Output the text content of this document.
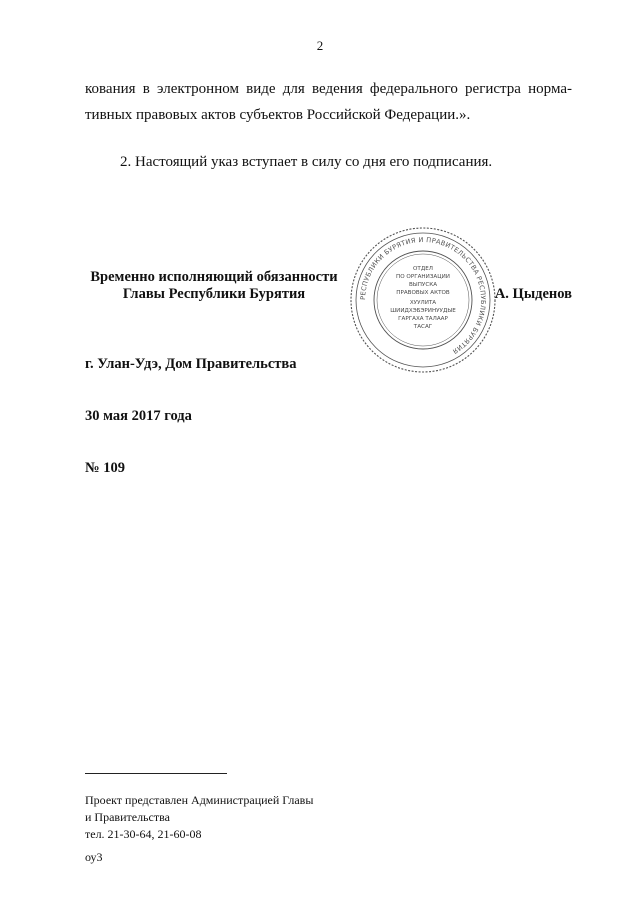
2
кования в электронном виде для ведения федерального регистра норма-
тивных правовых актов субъектов Российской Федерации.».
2. Настоящий указ вступает в силу со дня его подписания.
Временно исполняющий обязанности
Главы Республики Бурятия	РЕСПУБЛИКИ БУРЯТИЯ И ПРАВИТЕЛЬСТВА РЕСПУБЛИКИ БУРЯТИЯ
ОТДЕЛ
ПО ОРГАНИЗАЦИИ
ВЫПУСКА
ПРАВОВЫХ АКТОВ
ХУУЛИТА
ШИИДХЭБЭРИНУУДЫЕ
ГАРГАХА ТАЛААР
ТАСАГ
А. Цыденов
г. Улан-Удэ, Дом Правительства
30 мая 2017 года
№ 109
Проект представлен Администрацией Главы
и Правительства
тел. 21-30-64, 21-60-08
оу3
